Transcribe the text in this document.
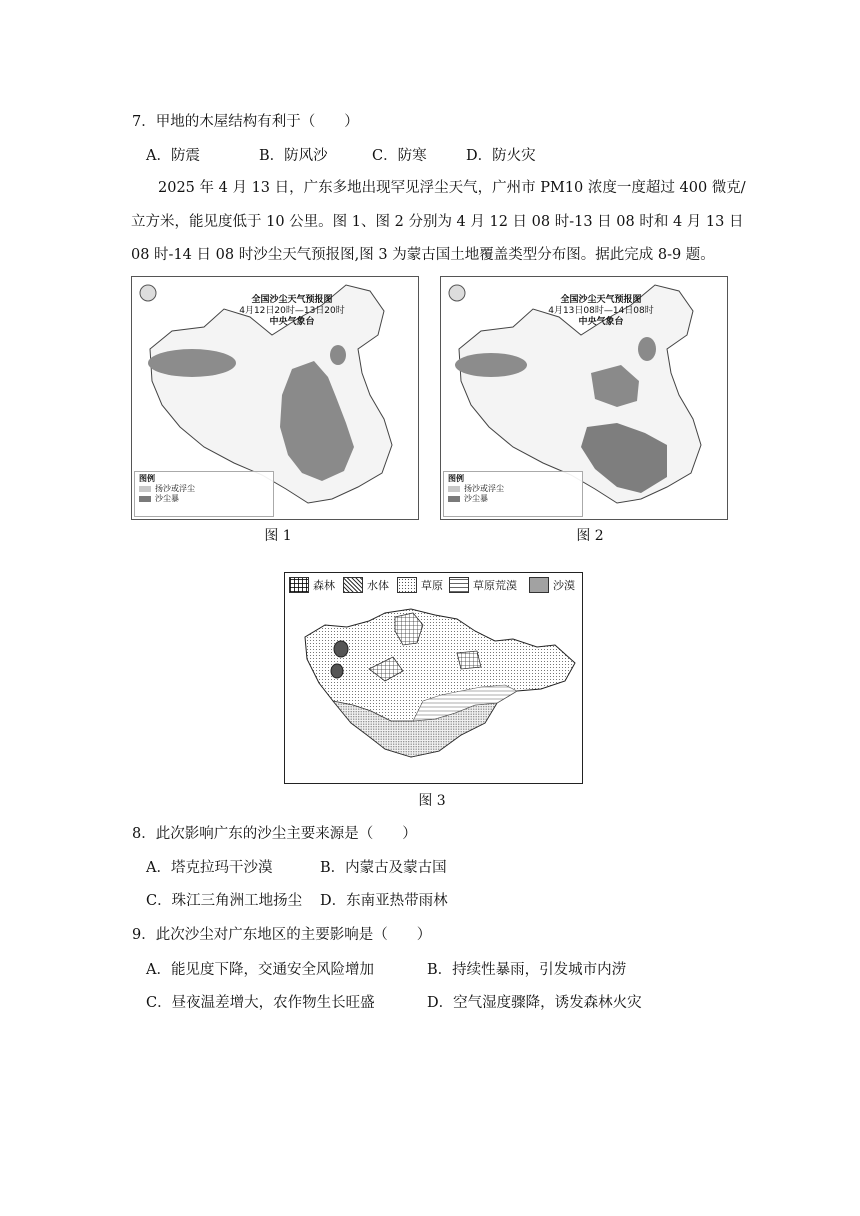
7．甲地的木屋结构有利于（　　）
A．防震	B．防风沙	C．防寒	D．防火灾
2025 年 4 月 13 日，广东多地出现罕见浮尘天气，广州市 PM10 浓度一度超过 400 微克/
立方米，能见度低于 10 公里。图 1、图 2 分别为 4 月 12 日 08 时-13 日 08 时和 4 月 13 日
08 时-14 日 08 时沙尘天气预报图,图 3 为蒙古国土地覆盖类型分布图。据此完成 8-9 题。
全国沙尘天气预报图
4月12日20时—13日20时
中央气象台
图例
扬沙或浮尘
沙尘暴
图 1
全国沙尘天气预报图
4月13日08时—14日08时
中央气象台
图例
扬沙或浮尘
沙尘暴
图 2
森林	水体	草原	草原荒漠	沙漠
图 3
8．此次影响广东的沙尘主要来源是（　　）
A．塔克拉玛干沙漠	B．内蒙古及蒙古国
C．珠江三角洲工地扬尘 D．东南亚热带雨林
9．此次沙尘对广东地区的主要影响是（　　）
A．能见度下降，交通安全风险增加	B．持续性暴雨，引发城市内涝
C．昼夜温差增大，农作物生长旺盛	D．空气湿度骤降，诱发森林火灾
